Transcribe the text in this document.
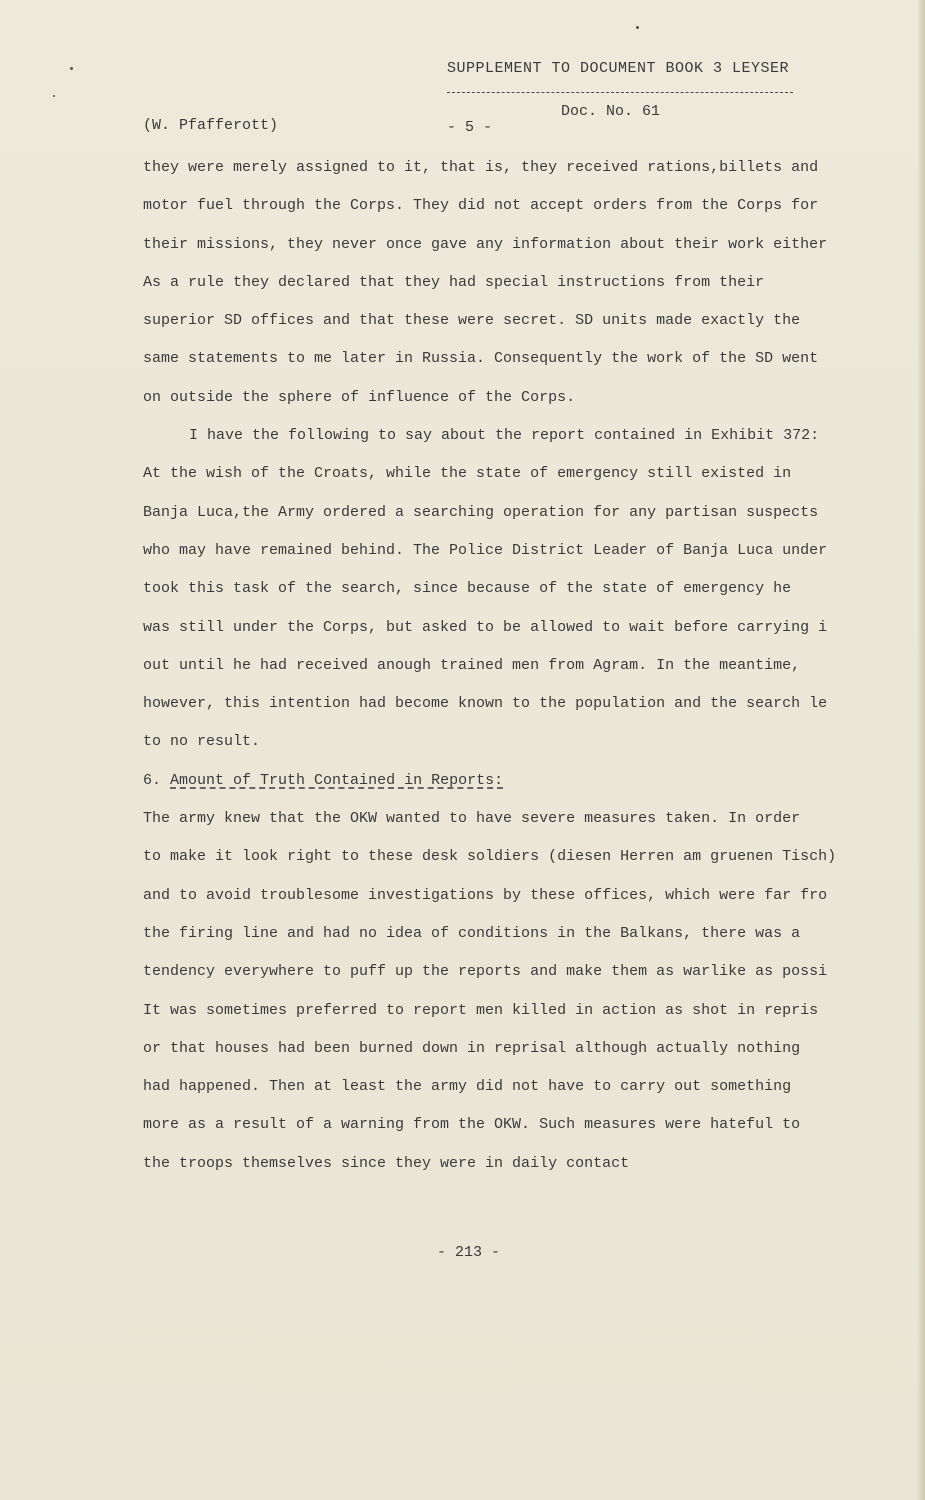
SUPPLEMENT TO DOCUMENT BOOK 3 LEYSER
Doc. No. 61
(W. Pfafferott)	- 5 -
they were merely assigned to it, that is, they received rations,billets and
motor fuel through the Corps. They did not accept orders from the Corps for
their missions, they never once gave any information about their work either
As a rule they declared that they had special instructions from their
superior SD offices and that these were secret. SD units made exactly the
same statements to me later in Russia. Consequently the work of the SD went
on outside the sphere of influence of the Corps.
I have the following to say about the report contained in Exhibit 372:
At the wish of the Croats, while the state of emergency still existed in
Banja Luca,the Army ordered a searching operation for any partisan suspects
who may have remained behind. The Police District Leader of Banja Luca under
took this task of the search, since because of the state of emergency he
was still under the Corps, but asked to be allowed to wait before carrying i
out until he had received anough trained men from Agram. In the meantime,
however, this intention had become known to the population and the search le
to no result.
6. Amount of Truth Contained in Reports:
The army knew that the OKW wanted to have severe measures taken. In order
to make it look right to these desk soldiers (diesen Herren am gruenen Tisch)
and to avoid troublesome investigations by these offices, which were far fro
the firing line and had no idea of conditions in the Balkans, there was a
tendency everywhere to puff up the reports and make them as warlike as possi
It was sometimes preferred to report men killed in action as shot in repris
or that houses had been burned down in reprisal although actually nothing
had happened. Then at least the army did not have to carry out something
more as a result of a warning from the OKW. Such measures were hateful to
the troops themselves since they were in daily contact
- 213 -
